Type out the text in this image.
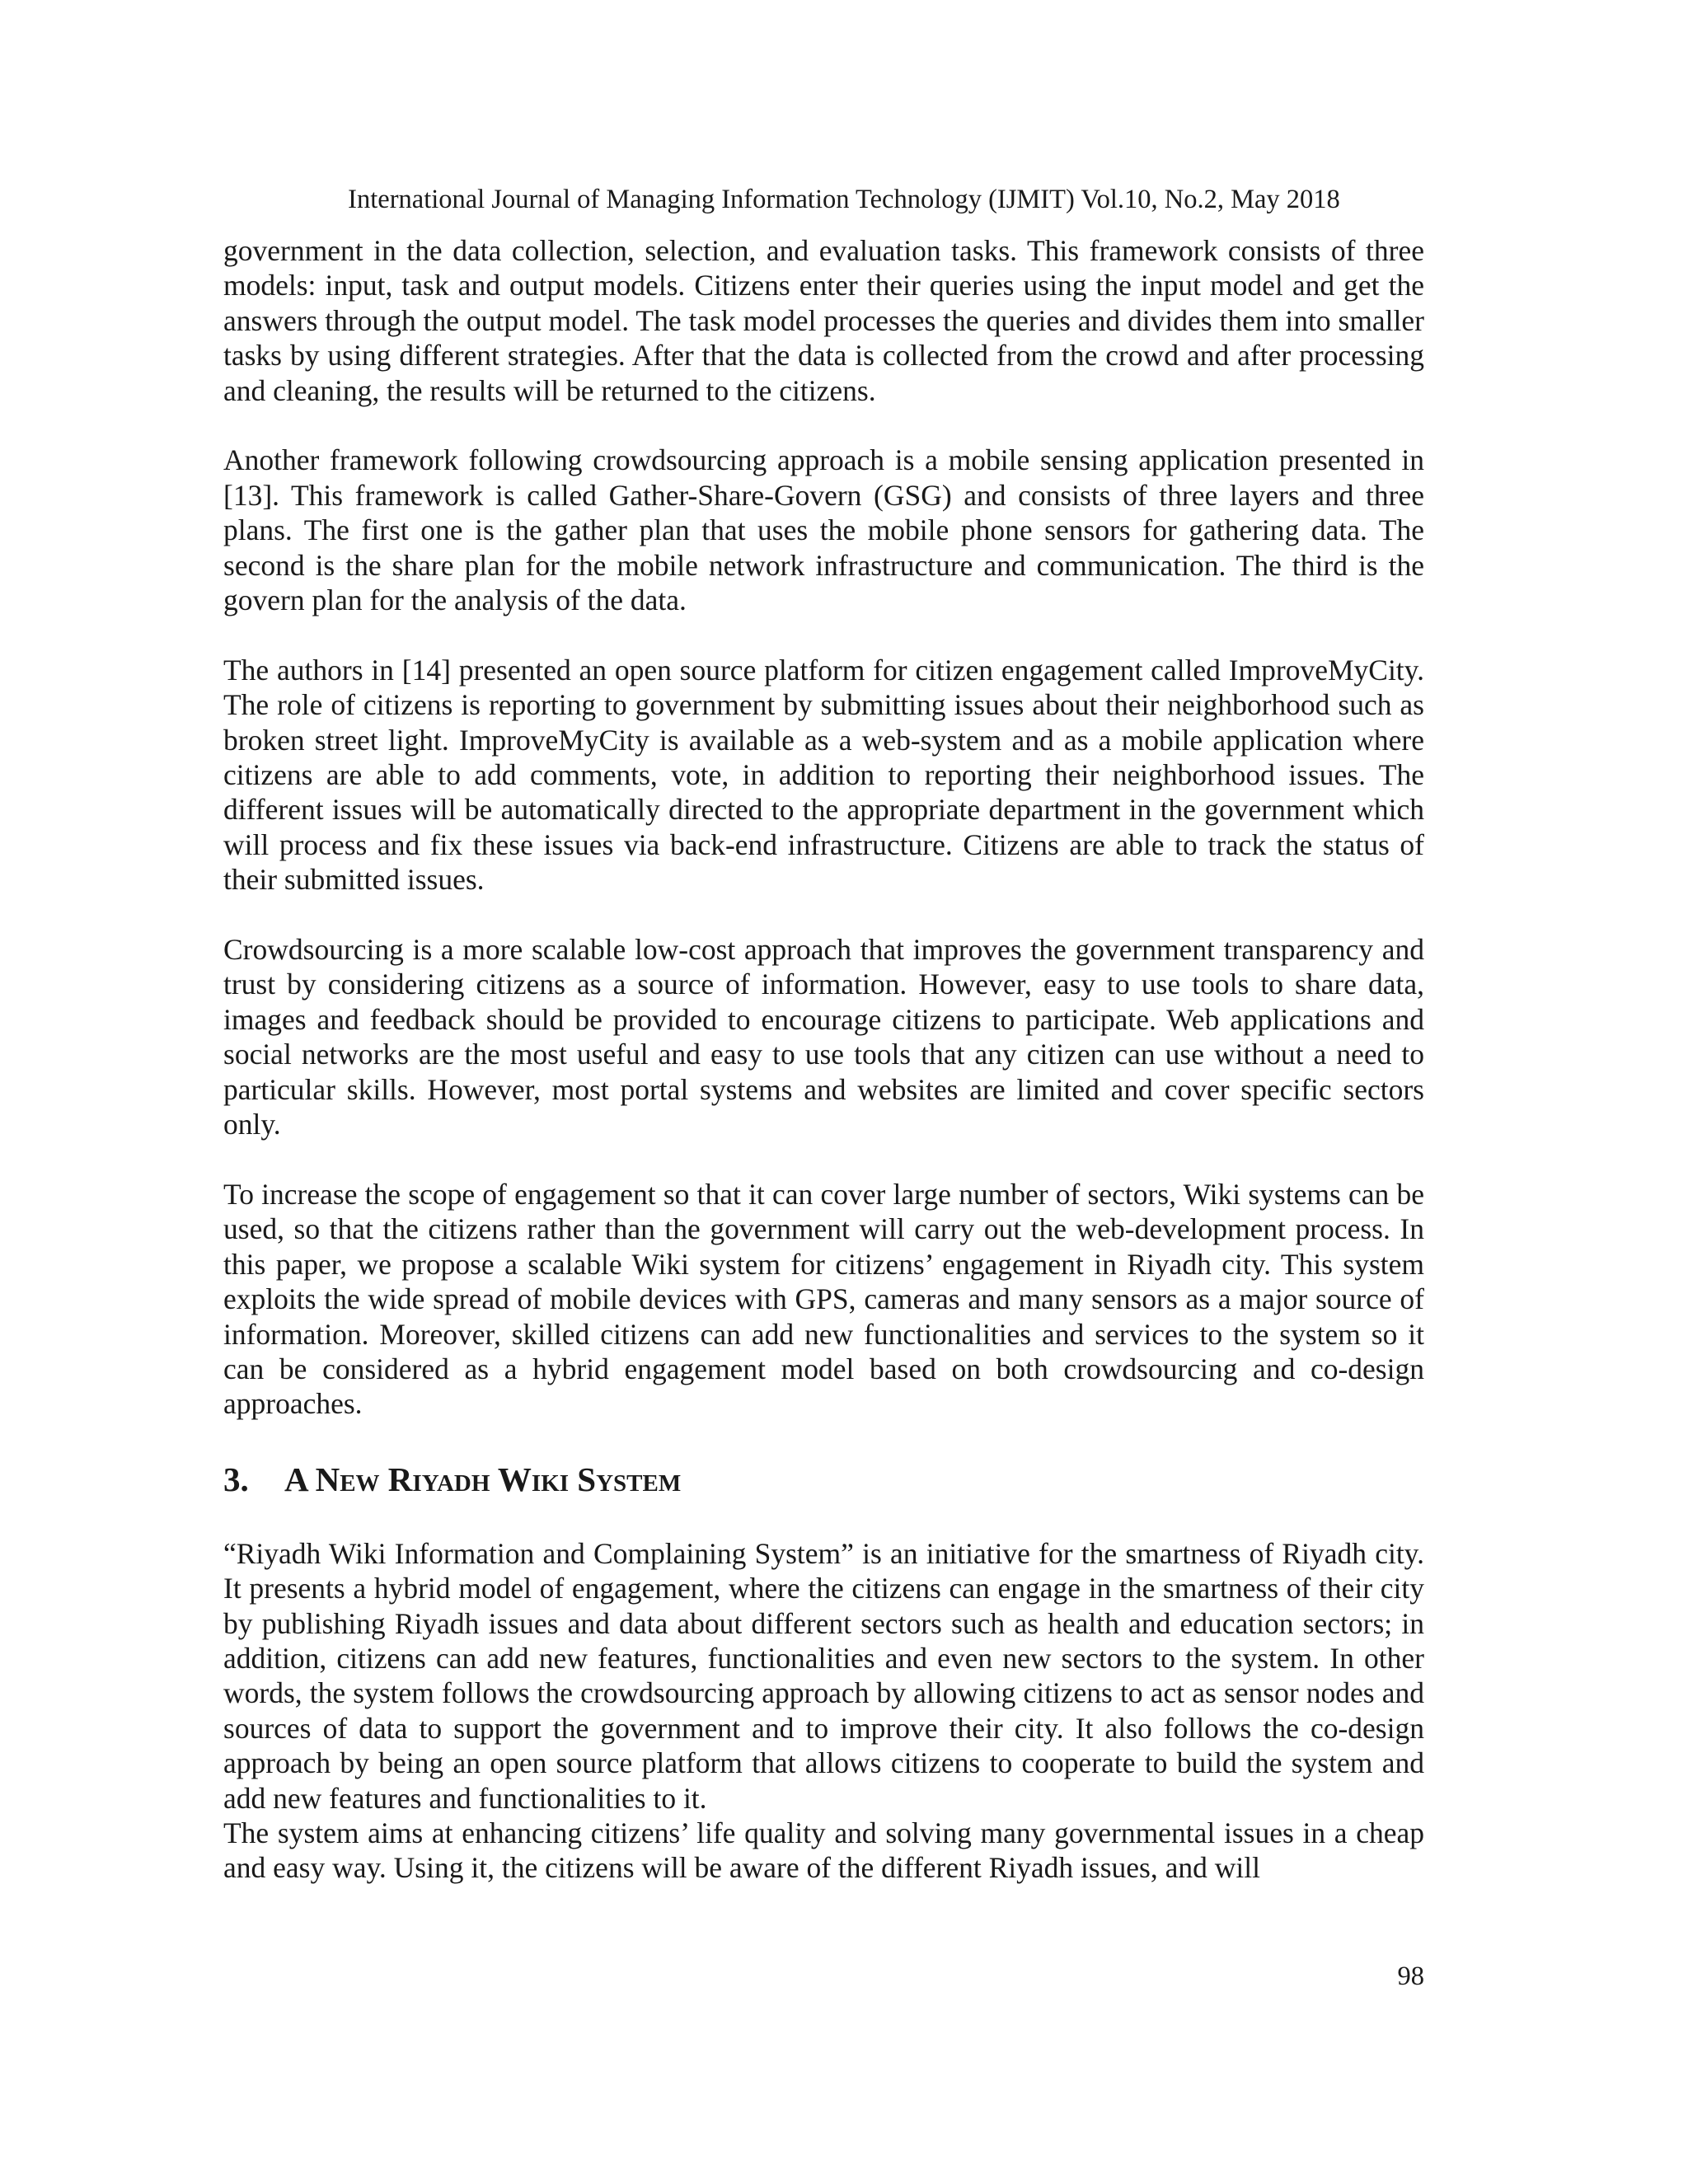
International Journal of Managing Information Technology (IJMIT) Vol.10, No.2, May 2018

government in the data collection, selection, and evaluation tasks. This framework consists of three models: input, task and output models. Citizens enter their queries using the input model and get the answers through the output model. The task model processes the queries and divides them into smaller tasks by using different strategies. After that the data is collected from the crowd and after processing and cleaning, the results will be returned to the citizens.

Another framework following crowdsourcing approach is a mobile sensing application presented in [13]. This framework is called Gather-Share-Govern (GSG) and consists of three layers and three plans. The first one is the gather plan that uses the mobile phone sensors for gathering data. The second is the share plan for the mobile network infrastructure and communication. The third is the govern plan for the analysis of the data.

The authors in [14] presented an open source platform for citizen engagement called ImproveMyCity. The role of citizens is reporting to government by submitting issues about their neighborhood such as broken street light. ImproveMyCity is available as a web-system and as a mobile application where citizens are able to add comments, vote, in addition to reporting their neighborhood issues. The different issues will be automatically directed to the appropriate department in the government which will process and fix these issues via back-end infrastructure. Citizens are able to track the status of their submitted issues.

Crowdsourcing is a more scalable low-cost approach that improves the government transparency and trust by considering citizens as a source of information. However, easy to use tools to share data, images and feedback should be provided to encourage citizens to participate. Web applications and social networks are the most useful and easy to use tools that any citizen can use without a need to particular skills. However, most portal systems and websites are limited and cover specific sectors only.

To increase the scope of engagement so that it can cover large number of sectors, Wiki systems can be used, so that the citizens rather than the government will carry out the web-development process. In this paper, we propose a scalable Wiki system for citizens’ engagement in Riyadh city. This system exploits the wide spread of mobile devices with GPS, cameras and many sensors as a major source of information. Moreover, skilled citizens can add new functionalities and services to the system so it can be considered as a hybrid engagement model based on both crowdsourcing and co-design approaches.

3. A New Riyadh Wiki System

“Riyadh Wiki Information and Complaining System” is an initiative for the smartness of Riyadh city. It presents a hybrid model of engagement, where the citizens can engage in the smartness of their city by publishing Riyadh issues and data about different sectors such as health and education sectors; in addition, citizens can add new features, functionalities and even new sectors to the system. In other words, the system follows the crowdsourcing approach by allowing citizens to act as sensor nodes and sources of data to support the government and to improve their city. It also follows the co-design approach by being an open source platform that allows citizens to cooperate to build the system and add new features and functionalities to it.

The system aims at enhancing citizens’ life quality and solving many governmental issues in a cheap and easy way. Using it, the citizens will be aware of the different Riyadh issues, and will

98
